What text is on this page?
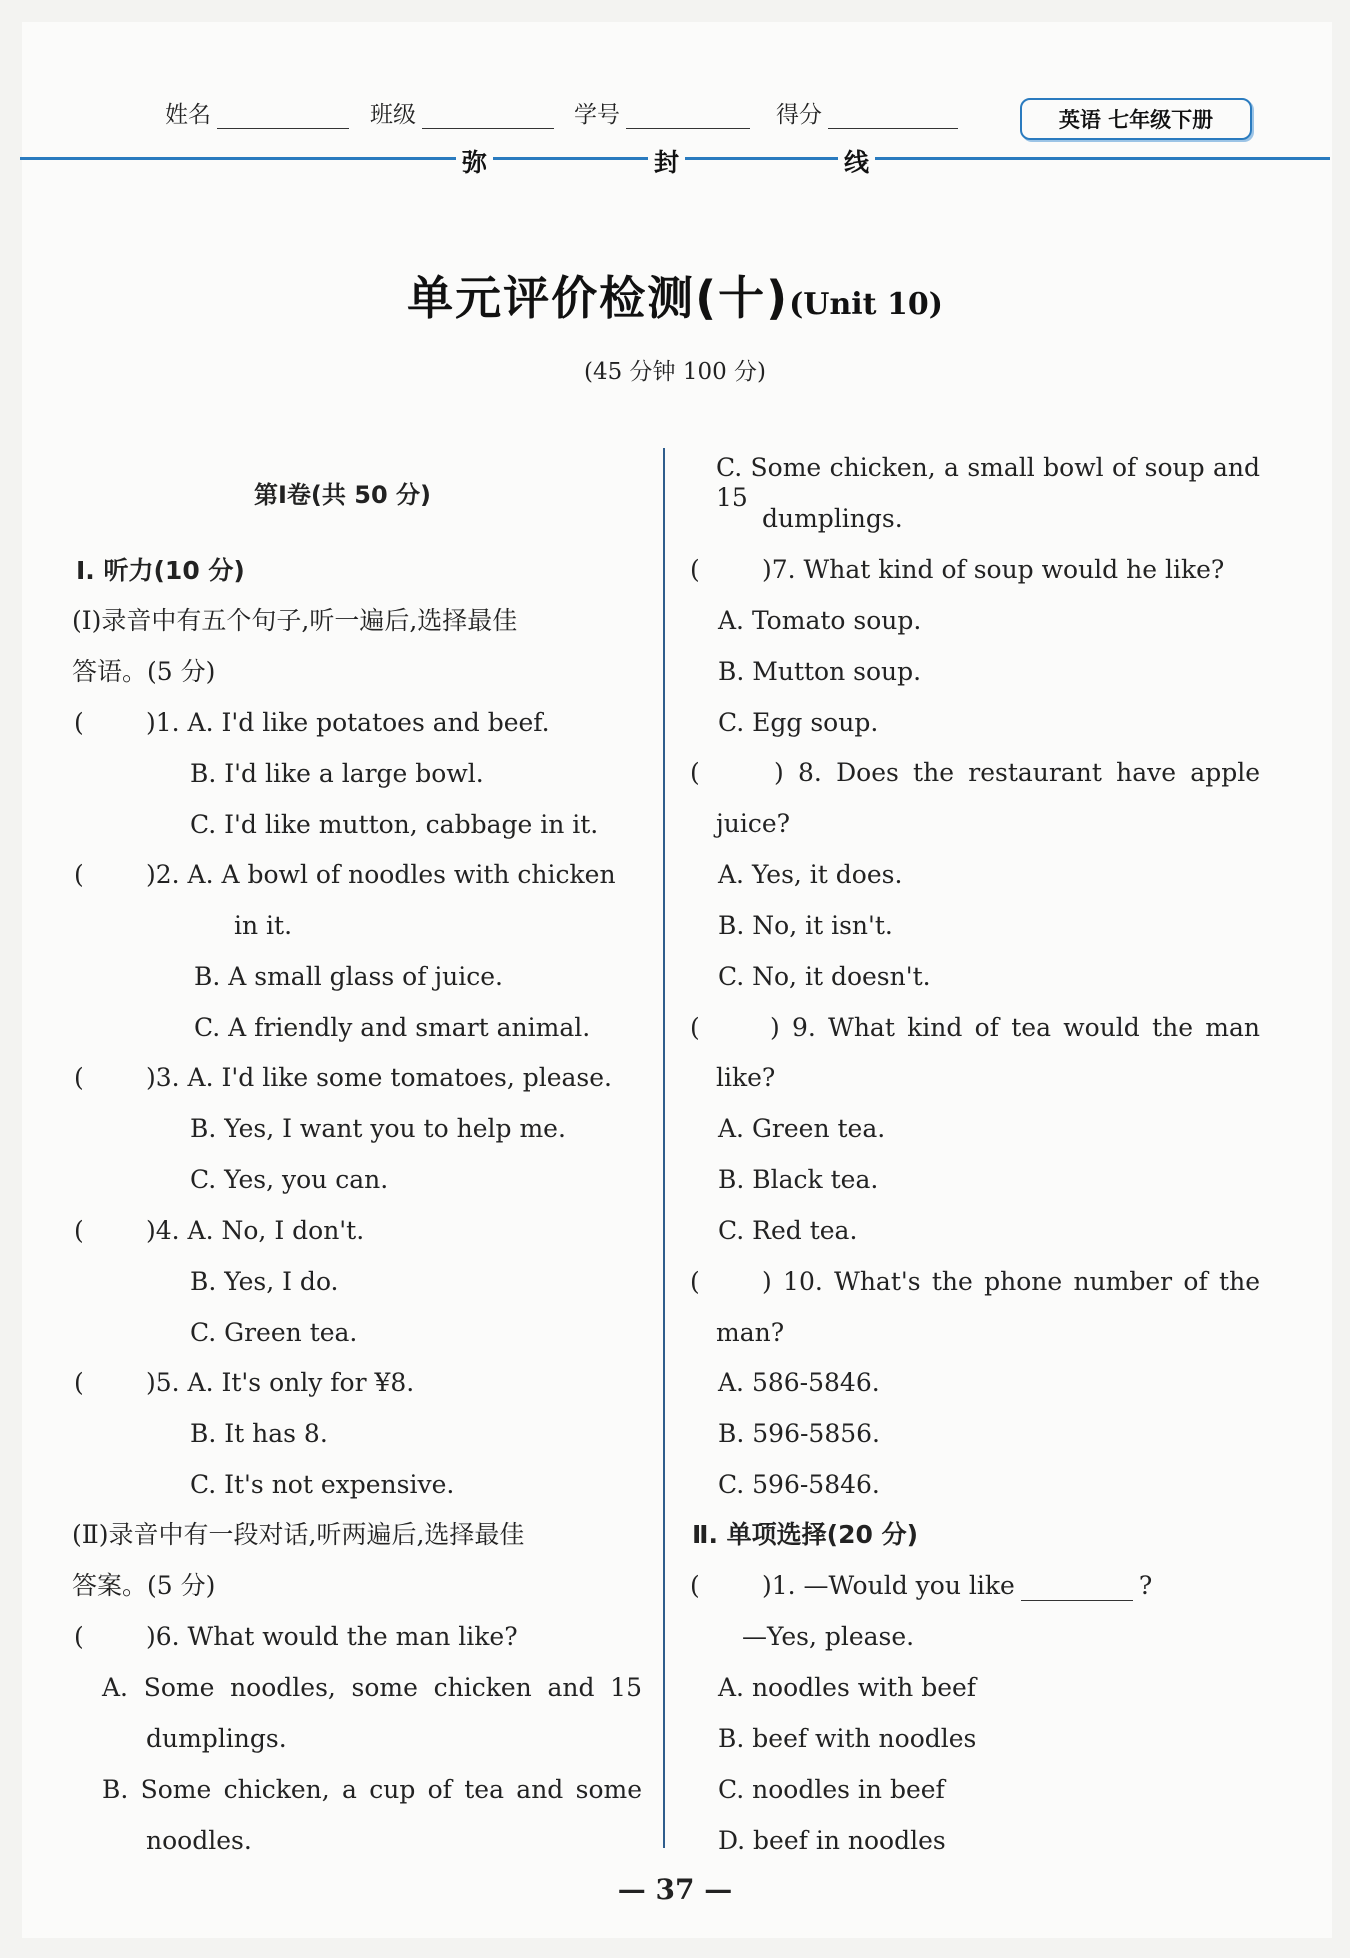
姓名	班级	学号	得分	英语 七年级下册
弥	封	线
单元评价检测(十)(Unit 10)
(45 分钟 100 分)
第Ⅰ卷(共 50 分)
Ⅰ. 听力(10 分)
(Ⅰ)录音中有五个句子,听一遍后,选择最佳
答语。(5 分)
( )1. A. I'd like potatoes and beef.
B. I'd like a large bowl.
C. I'd like mutton, cabbage in it.
( )2. A. A bowl of noodles with chicken
in it.
B. A small glass of juice.
C. A friendly and smart animal.
( )3. A. I'd like some tomatoes, please.
B. Yes, I want you to help me.
C. Yes, you can.
( )4. A. No, I don't.
B. Yes, I do.
C. Green tea.
( )5. A. It's only for ¥8.
B. It has 8.
C. It's not expensive.
(Ⅱ)录音中有一段对话,听两遍后,选择最佳
答案。(5 分)
( )6. What would the man like?
A. Some noodles, some chicken and 15
dumplings.
B. Some chicken, a cup of tea and some
noodles.
C. Some chicken, a small bowl of soup and 15
dumplings.
( )7. What kind of soup would he like?
A. Tomato soup.
B. Mutton soup.
C. Egg soup.
(	) 8. Does the restaurant have apple
juice?
A. Yes, it does.
B. No, it isn't.
C. No, it doesn't.
(	) 9. What kind of tea would the man
like?
A. Green tea.
B. Black tea.
C. Red tea.
( ) 10. What's the phone number of the
man?
A. 586-5846.
B. 596-5856.
C. 596-5846.
Ⅱ. 单项选择(20 分)
( )1. —Would you like	?
—Yes, please.
A. noodles with beef
B. beef with noodles
C. noodles in beef
D. beef in noodles
— 37 —
